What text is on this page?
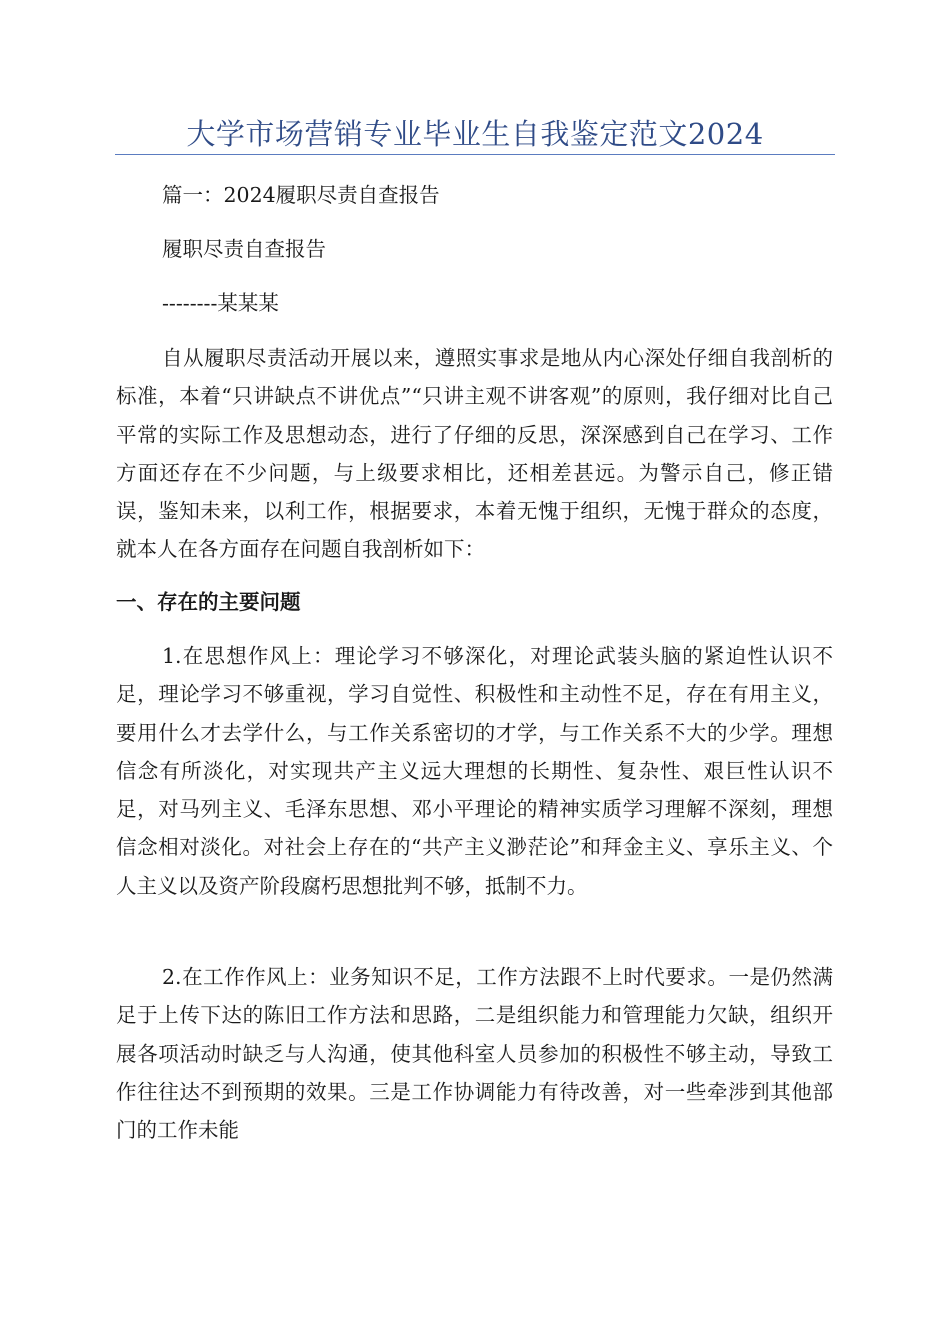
大学市场营销专业毕业生自我鉴定范文2024
篇一：2024履职尽责自查报告
履职尽责自查报告
--------某某某

自从履职尽责活动开展以来，遵照实事求是地从内心深处仔细自我剖析的标准，本着“只讲缺点不讲优点”“只讲主观不讲客观”的原则，我仔细对比自己平常的实际工作及思想动态，进行了仔细的反思，深深感到自己在学习、工作方面还存在不少问题，与上级要求相比，还相差甚远。为警示自己，修正错误，鉴知未来，以利工作，根据要求，本着无愧于组织，无愧于群众的态度，就本人在各方面存在问题自我剖析如下：

一、存在的主要问题

1.在思想作风上：理论学习不够深化，对理论武装头脑的紧迫性认识不足，理论学习不够重视，学习自觉性、积极性和主动性不足，存在有用主义，要用什么才去学什么，与工作关系密切的才学，与工作关系不大的少学。理想信念有所淡化，对实现共产主义远大理想的长期性、复杂性、艰巨性认识不足，对马列主义、毛泽东思想、邓小平理论的精神实质学习理解不深刻，理想信念相对淡化。对社会上存在的“共产主义渺茫论”和拜金主义、享乐主义、个人主义以及资产阶段腐朽思想批判不够，抵制不力。

2.在工作作风上：业务知识不足，工作方法跟不上时代要求。一是仍然满足于上传下达的陈旧工作方法和思路，二是组织能力和管理能力欠缺，组织开展各项活动时缺乏与人沟通，使其他科室人员参加的积极性不够主动，导致工作往往达不到预期的效果。三是工作协调能力有待改善，对一些牵涉到其他部门的工作未能
